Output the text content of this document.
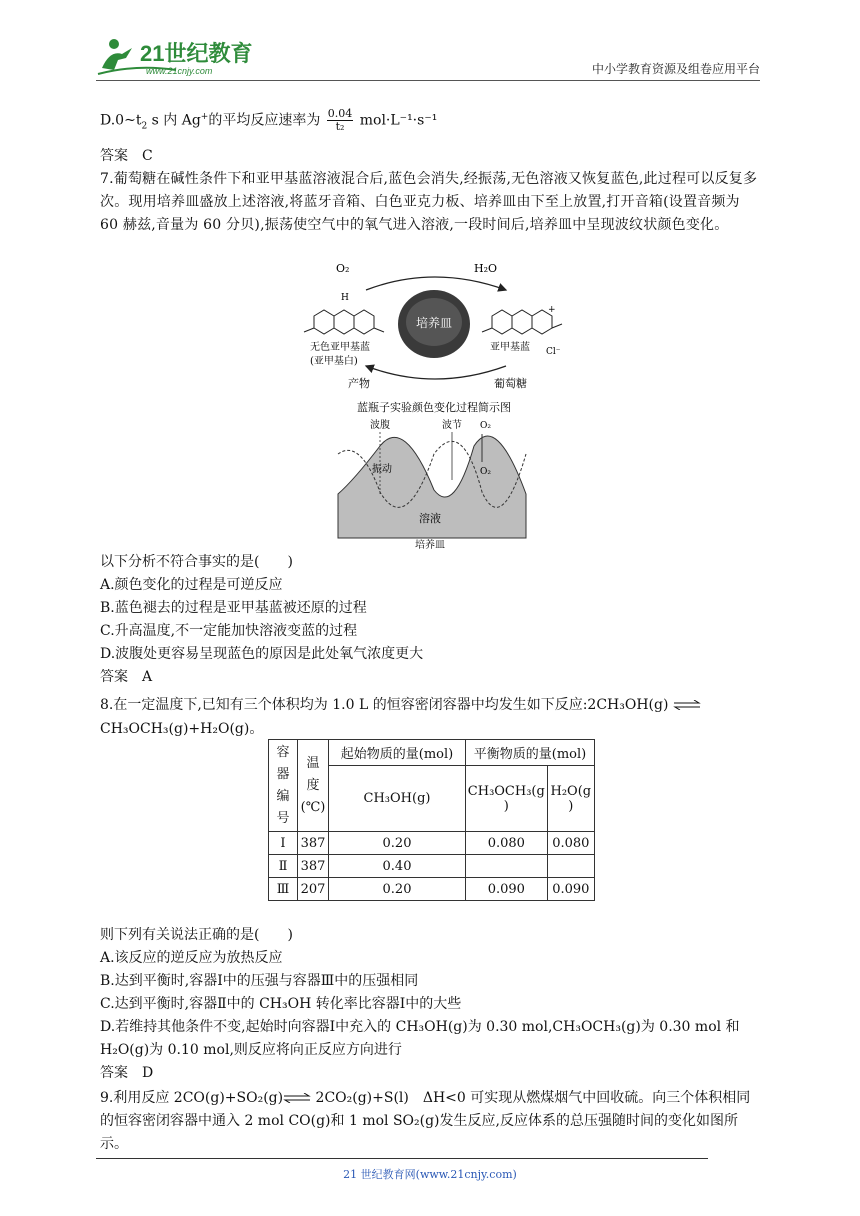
21世纪教育
www.21cnjy.com	中小学教育资源及组卷应用平台
$D.0\sim t_2$ s 内 Ag+的平均反应速率为 $\frac{0.04}{\text{t₂}} mol\cdot L^{-1}\cdot s^{-1}$
答案　C
7.葡萄糖在碱性条件下和亚甲基蓝溶液混合后,蓝色会消失,经振荡,无色溶液又恢复蓝色,此过程可以反复多次。现用培养皿盛放上述溶液,将蓝牙音箱、白色亚克力板、培养皿由下至上放置,打开音箱(设置音频为 60 赫兹,音量为 60 分贝),振荡使空气中的氧气进入溶液,一段时间后,培养皿中呈现波纹状颜色变化。
O₂	H₂O
产物	葡萄糖
H
+
Cl⁻
培养皿
无色亚甲基蓝
(亚甲基白)
亚甲基蓝
蓝瓶子实验颜色变化过程简示图
波腹	波节 O₂
O₂
振动
溶液
培养皿
以下分析不符合事实的是(　　)
A.颜色变化的过程是可逆反应
B.蓝色褪去的过程是亚甲基蓝被还原的过程
C.升高温度,不一定能加快溶液变蓝的过程
D.波腹处更容易呈现蓝色的原因是此处氧气浓度更大
答案　A
8.在一定温度下,已知有三个体积均为 1.0 L 的恒容密闭容器中均发生如下反应:2CH₃OH(g) ⇌
CH₃OCH₃(g)+H₂O(g)。
容
器
编
号	温
度
(℃)	起始物质的量(mol)	平衡物质的量(mol)	
		CH₃OH(g)	CH₃OCH₃(g
)	H₂O(g
)
Ⅰ	387	0.20	0.080	0.080
Ⅱ	387	0.40		
Ⅲ	207	0.20	0.090	0.090
则下列有关说法正确的是(　　)
A.该反应的逆反应为放热反应
B.达到平衡时,容器Ⅰ中的压强与容器Ⅲ中的压强相同
C.达到平衡时,容器Ⅱ中的 CH₃OH 转化率比容器Ⅰ中的大些
D.若维持其他条件不变,起始时向容器Ⅰ中充入的 CH₃OH(g)为 0.30 mol,CH₃OCH₃(g)为 0.30 mol 和 H₂O(g)为 0.10 mol,则反应将向正反应方向进行
答案　D
9.利用反应 2CO(g)+SO₂(g)⇌ 2CO₂(g)+S(l)　ΔH<0 可实现从燃煤烟气中回收硫。向三个体积相同的恒容密闭容器中通入 2 mol CO(g)和 1 mol SO₂(g)发生反应,反应体系的总压强随时间的变化如图所示。
21 世纪教育网(www.21cnjy.com)
